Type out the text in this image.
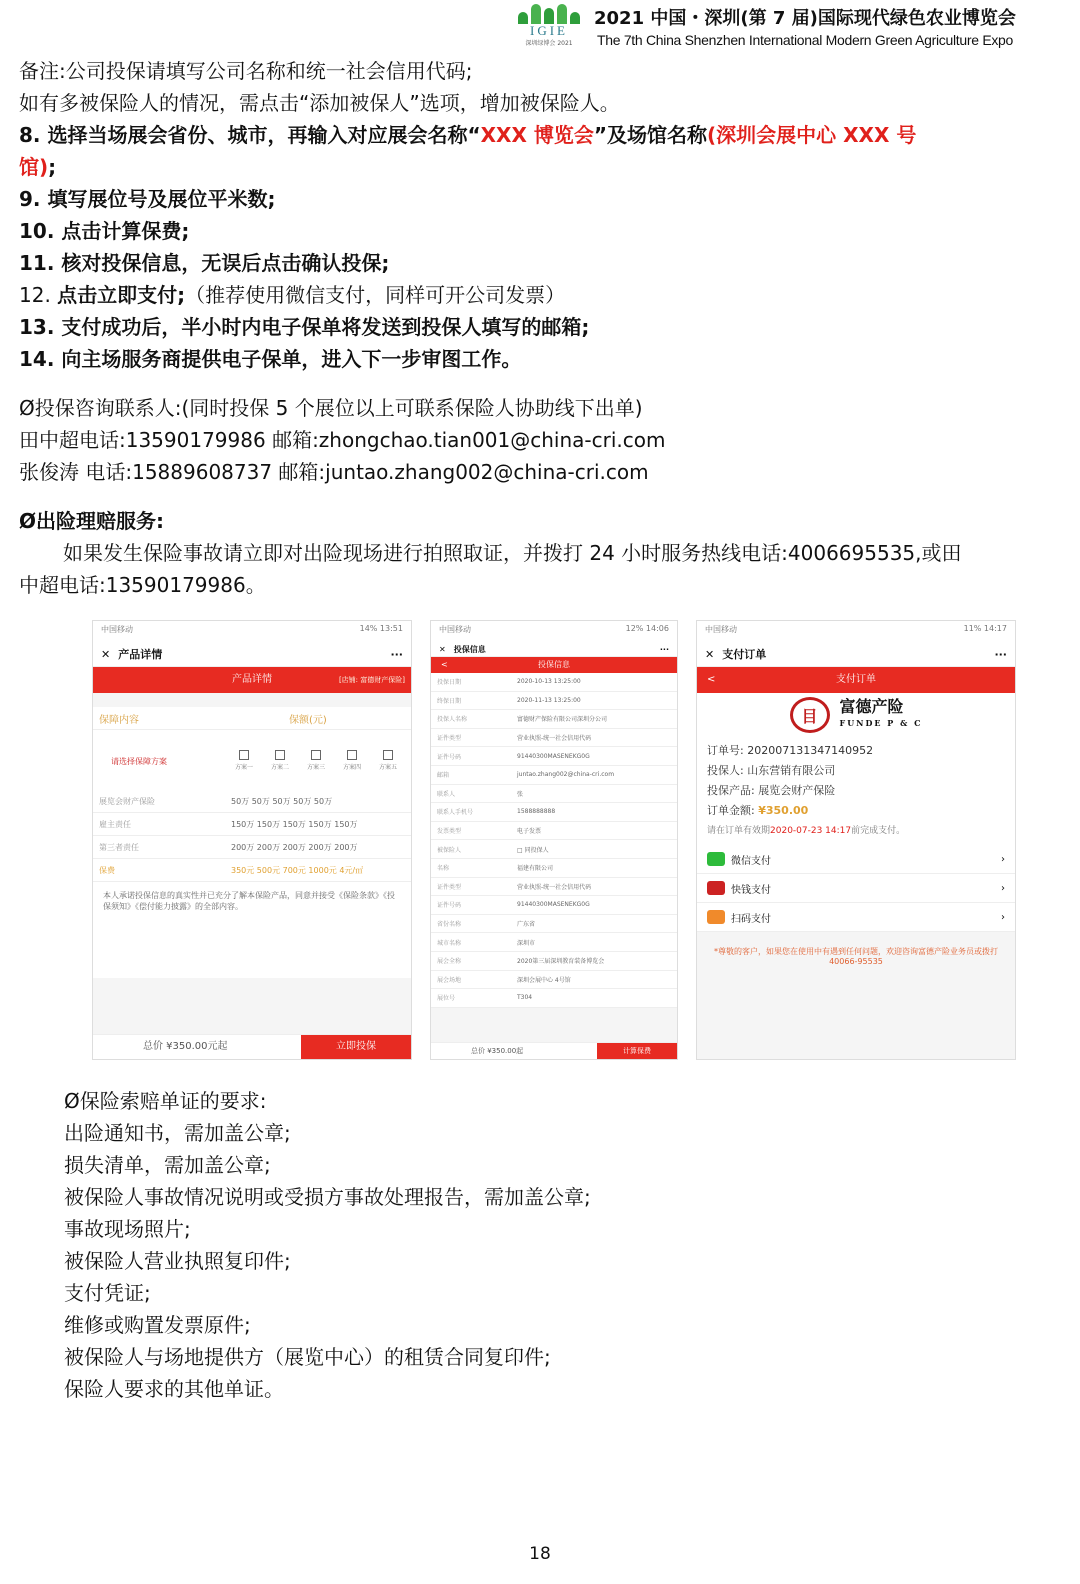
IGIE
深圳绿博会 2021
2021 中国・深圳(第 7 届)国际现代绿色农业博览会
The 7th China Shenzhen International Modern Green Agriculture Expo
备注:公司投保请填写公司名称和统一社会信用代码;
如有多被保险人的情况，需点击“添加被保人”选项，增加被保险人。
8. 选择当场展会省份、城市，再输入对应展会名称“XXX 博览会”及场馆名称(深圳会展中心 XXX 号
馆);
9. 填写展位号及展位平米数;
10. 点击计算保费;
11. 核对投保信息，无误后点击确认投保;
12. 点击立即支付;（推荐使用微信支付，同样可开公司发票）
13. 支付成功后，半小时内电子保单将发送到投保人填写的邮箱;
14. 向主场服务商提供电子保单，进入下一步审图工作。
Ø投保咨询联系人:(同时投保 5 个展位以上可联系保险人协助线下出单)
田中超电话:13590179986 邮箱:zhongchao.tian001@china-cri.com
张俊涛 电话:15889608737 邮箱:juntao.zhang002@china-cri.com
Ø出险理赔服务:
如果发生保险事故请立即对出险现场进行拍照取证，并拨打 24 小时服务热线电话:4006695535,或田
中超电话:13590179986。
中国移动	14% 13:51
✕ 产品详情	···
产品详情	[店铺: 富德财产保险]
保障内容	保额(元)
请选择保障方案
方案一	方案二	方案三	方案四	方案五
展览会财产保险	50万 50万 50万 50万 50万
雇主责任	150万 150万 150万 150万 150万
第三者责任	200万 200万 200万 200万 200万
保费	350元 500元 700元 1000元 4元/㎡
本人承诺投保信息的真实性并已充分了解本保险产品，同意并接受《保险条款》《投保须知》《偿付能力披露》的全部内容。
总价 ¥350.00元起	立即投保
中国移动	12% 14:06
✕ 投保信息	···
<	投保信息
投保日期	2020-10-13 13:25:00
终保日期	2020-11-13 13:25:00
投保人名称	富德财产保险有限公司深圳分公司
证件类型	营业执照-统一社会信用代码
证件号码	91440300MASENEKG0G
邮箱	juntao.zhang002@china-cri.com
联系人	张
联系人手机号	1588888888
发票类型	电子发票
被保险人	□ 同投保人
名称	福建有限公司
证件类型	营业执照-统一社会信用代码
证件号码	91440300MASENEKG0G
省份名称	广东省
城市名称	深圳市
展会全称	2020第三届深圳教育装备博览会
展会场地	深圳会展中心 4号馆
展位号	T304
总价 ¥350.00起	计算保费
中国移动	11% 14:17
✕ 支付订单	···
<	支付订单
目	富德产险
FUNDE P & C
订单号: 202007131347140952
投保人: 山东营销有限公司
投保产品: 展览会财产保险
订单金额: ¥350.00
请在订单有效期2020-07-23 14:17前完成支付。
微信支付	›
快钱支付	›
扫码支付	›
*尊敬的客户，如果您在使用中有遇到任何问题，欢迎咨询富德产险业务员或拨打40066-95535
Ø保险索赔单证的要求:
出险通知书，需加盖公章;
损失清单，需加盖公章;
被保险人事故情况说明或受损方事故处理报告，需加盖公章;
事故现场照片;
被保险人营业执照复印件;
支付凭证;
维修或购置发票原件;
被保险人与场地提供方（展览中心）的租赁合同复印件;
保险人要求的其他单证。
18
